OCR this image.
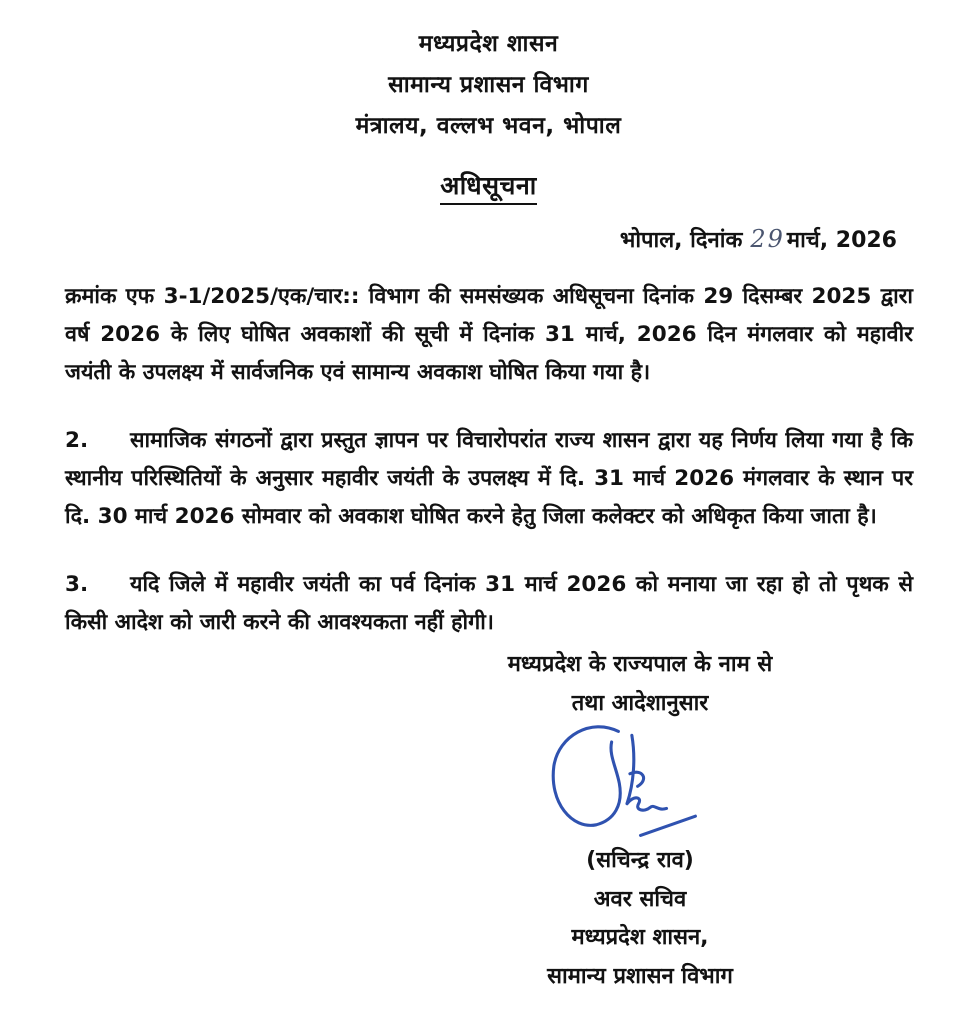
मध्यप्रदेश शासन
सामान्य प्रशासन विभाग
मंत्रालय, वल्लभ भवन, भोपाल
अधिसूचना
भोपाल, दिनांक 29मार्च, 2026

क्रमांक एफ 3-1/2025/एक/चार:: विभाग की समसंख्यक अधिसूचना दिनांक 29 दिसम्बर 2025 द्वारा वर्ष 2026 के लिए घोषित अवकाशों की सूची में दिनांक 31 मार्च, 2026 दिन मंगलवार को महावीर जयंती के उपलक्ष्य में सार्वजनिक एवं सामान्य अवकाश घोषित किया गया है।

2. सामाजिक संगठनों द्वारा प्रस्तुत ज्ञापन पर विचारोपरांत राज्य शासन द्वारा यह निर्णय लिया गया है कि स्थानीय परिस्थितियों के अनुसार महावीर जयंती के उपलक्ष्य में दि. 31 मार्च 2026 मंगलवार के स्थान पर दि. 30 मार्च 2026 सोमवार को अवकाश घोषित करने हेतु जिला कलेक्टर को अधिकृत किया जाता है।

3. यदि जिले में महावीर जयंती का पर्व दिनांक 31 मार्च 2026 को मनाया जा रहा हो तो पृथक से किसी आदेश को जारी करने की आवश्यकता नहीं होगी।

मध्यप्रदेश के राज्यपाल के नाम से
तथा आदेशानुसार
(सचिन्द्र राव)
अवर सचिव
मध्यप्रदेश शासन,
सामान्य प्रशासन विभाग
